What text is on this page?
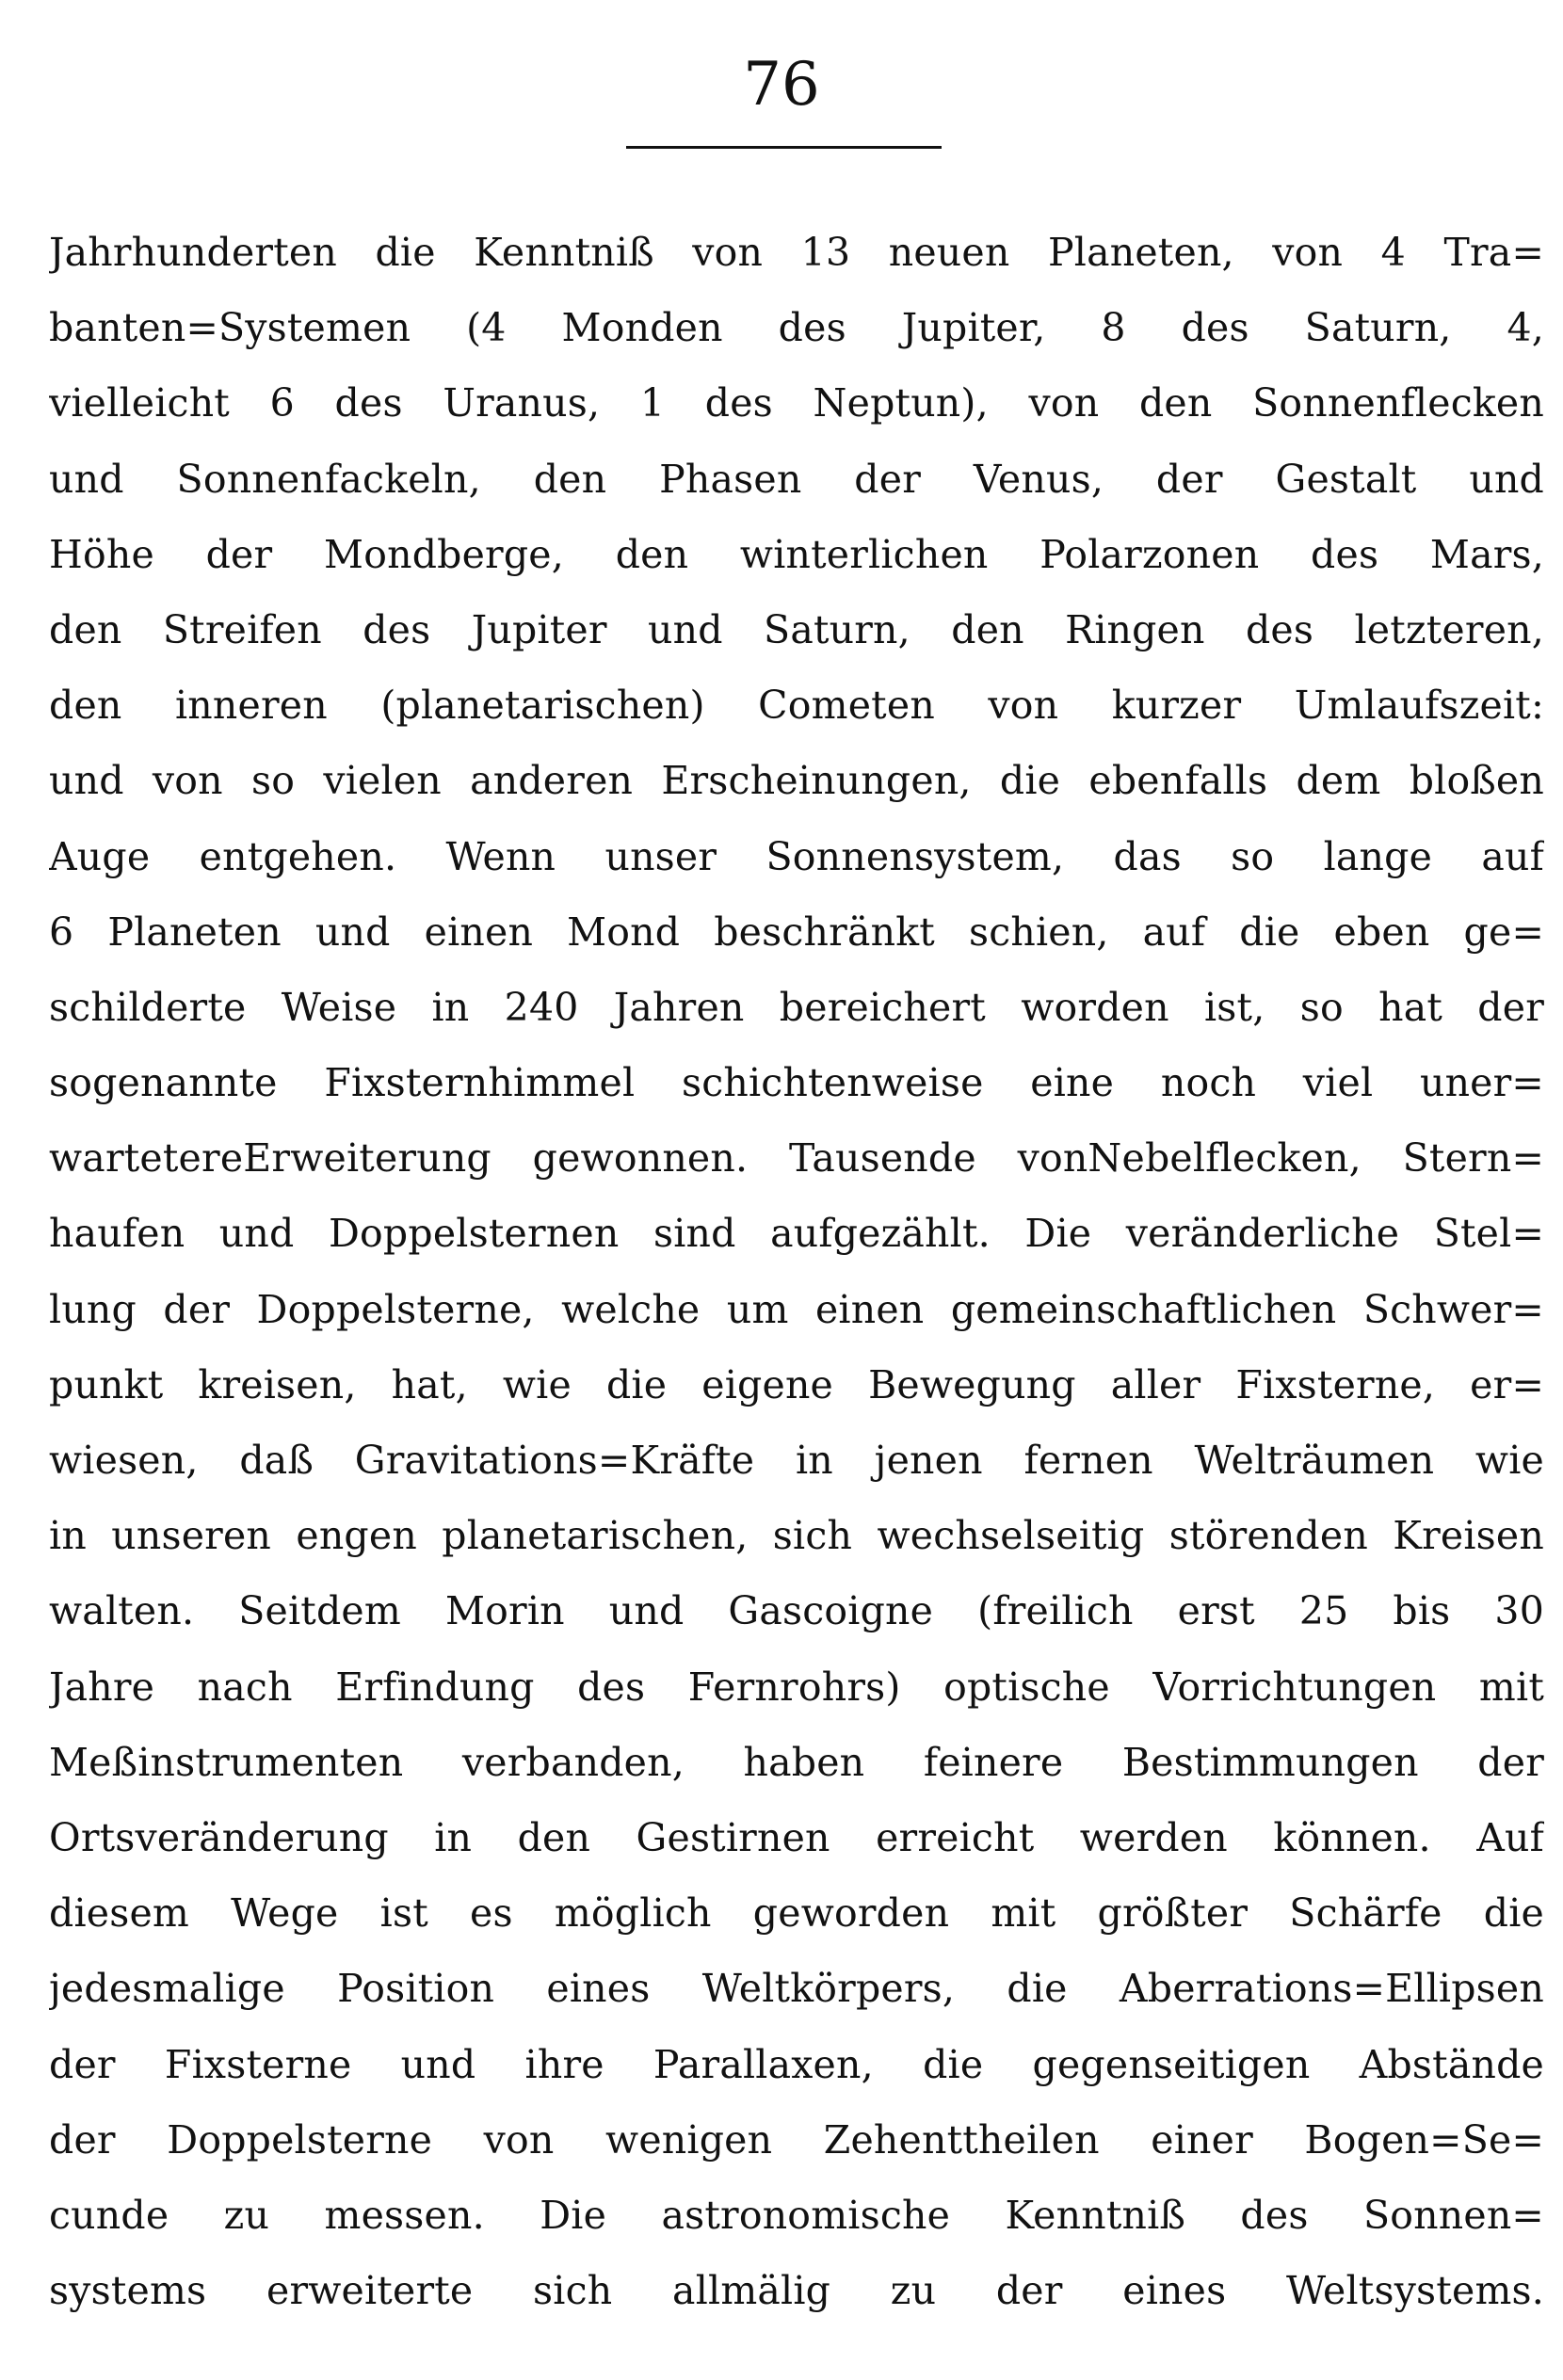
76
Jahrhunderten die Kenntniß von 13 neuen Planeten, von 4 Tra=
banten=Systemen (4 Monden des Jupiter, 8 des Saturn, 4,
vielleicht 6 des Uranus, 1 des Neptun), von den Sonnenflecken
und Sonnenfackeln, den Phasen der Venus, der Gestalt und
Höhe der Mondberge, den winterlichen Polarzonen des Mars,
den Streifen des Jupiter und Saturn, den Ringen des letzteren,
den inneren (planetarischen) Cometen von kurzer Umlaufszeit:
und von so vielen anderen Erscheinungen, die ebenfalls dem bloßen
Auge entgehen. Wenn unser Sonnensystem, das so lange auf
6 Planeten und einen Mond beschränkt schien, auf die eben ge=
schilderte Weise in 240 Jahren bereichert worden ist, so hat der
sogenannte Fixsternhimmel schichtenweise eine noch viel uner=
wartetereErweiterung gewonnen. Tausende vonNebelflecken, Stern=
haufen und Doppelsternen sind aufgezählt. Die veränderliche Stel=
lung der Doppelsterne, welche um einen gemeinschaftlichen Schwer=
punkt kreisen, hat, wie die eigene Bewegung aller Fixsterne, er=
wiesen, daß Gravitations=Kräfte in jenen fernen Welträumen wie
in unseren engen planetarischen, sich wechselseitig störenden Kreisen
walten. Seitdem Morin und Gascoigne (freilich erst 25 bis 30
Jahre nach Erfindung des Fernrohrs) optische Vorrichtungen mit
Meßinstrumenten verbanden, haben feinere Bestimmungen der
Ortsveränderung in den Gestirnen erreicht werden können. Auf
diesem Wege ist es möglich geworden mit größter Schärfe die
jedesmalige Position eines Weltkörpers, die Aberrations=Ellipsen
der Fixsterne und ihre Parallaxen, die gegenseitigen Abstände
der Doppelsterne von wenigen Zehenttheilen einer Bogen=Se=
cunde zu messen. Die astronomische Kenntniß des Sonnen=
systems erweiterte sich allmälig zu der eines Weltsystems.
